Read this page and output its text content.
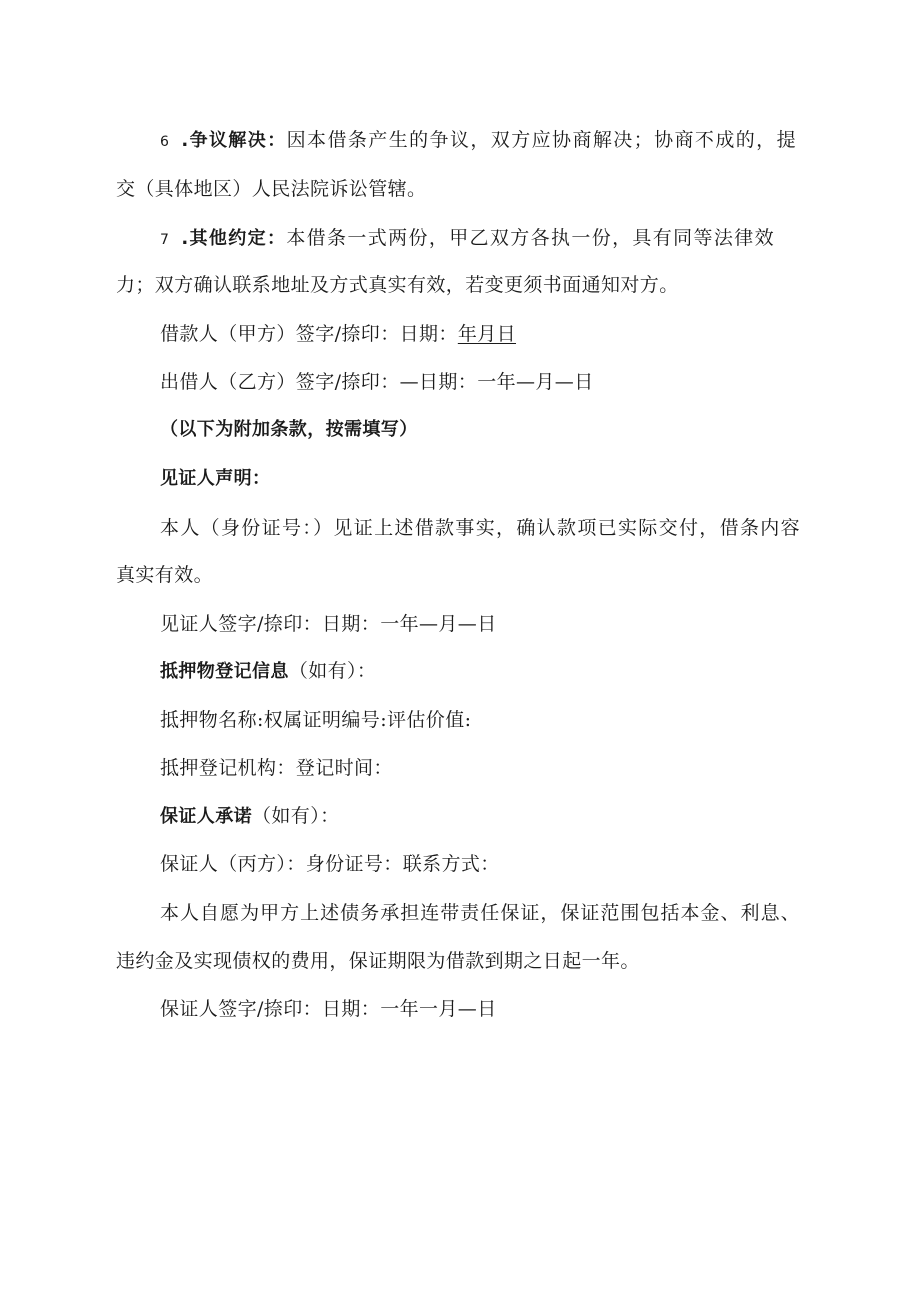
6 .争议解决：因本借条产生的争议，双方应协商解决；协商不成的，提
交（具体地区）人民法院诉讼管辖。
7 .其他约定：本借条一式两份，甲乙双方各执一份，具有同等法律效
力；双方确认联系地址及方式真实有效，若变更须书面通知对方。
借款人（甲方）签字/捺印：日期：年月日
出借人（乙方）签字/捺印：—日期：一年—月—日
（以下为附加条款，按需填写）
见证人声明：
本人（身份证号：）见证上述借款事实，确认款项已实际交付，借条内容
真实有效。
见证人签字/捺印：日期：一年—月—日
抵押物登记信息（如有）：
抵押物名称:权属证明编号:评估价值:
抵押登记机构：登记时间：
保证人承诺（如有）：
保证人（丙方）：身份证号：联系方式：
本人自愿为甲方上述债务承担连带责任保证，保证范围包括本金、利息、
违约金及实现债权的费用，保证期限为借款到期之日起一年。
保证人签字/捺印：日期：一年一月—日
